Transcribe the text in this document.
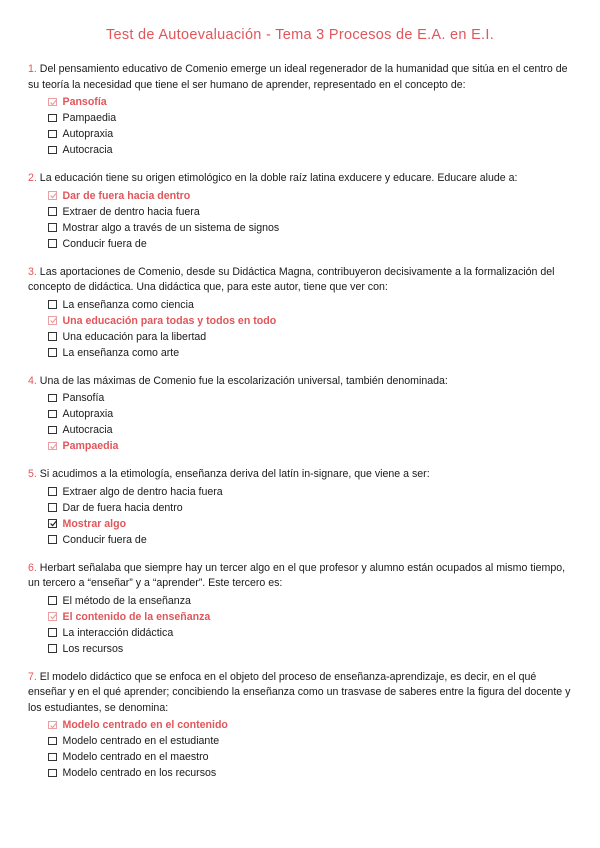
Test de Autoevaluación - Tema 3 Procesos de E.A. en E.I.

1. Del pensamiento educativo de Comenio emerge un ideal regenerador de la humanidad que sitúa en el centro de su teoría la necesidad que tiene el ser humano de aprender, representado en el concepto de:

Pansofía
Pampaedia
Autopraxia
Autocracia

2. La educación tiene su origen etimológico en la doble raíz latina exducere y educare. Educare alude a:

Dar de fuera hacia dentro
Extraer de dentro hacia fuera
Mostrar algo a través de un sistema de signos
Conducir fuera de

3. Las aportaciones de Comenio, desde su Didáctica Magna, contribuyeron decisivamente a la formalización del concepto de didáctica. Una didáctica que, para este autor, tiene que ver con:

La enseñanza como ciencia
Una educación para todas y todos en todo
Una educación para la libertad
La enseñanza como arte

4. Una de las máximas de Comenio fue la escolarización universal, también denominada:

Pansofía
Autopraxia
Autocracia
Pampaedia

5. Si acudimos a la etimología, enseñanza deriva del latín in-signare, que viene a ser:

Extraer algo de dentro hacia fuera
Dar de fuera hacia dentro
Mostrar algo
Conducir fuera de

6. Herbart señalaba que siempre hay un tercer algo en el que profesor y alumno están ocupados al mismo tiempo, un tercero a “enseñar” y a “aprender”. Este tercero es:

El método de la enseñanza
El contenido de la enseñanza
La interacción didáctica
Los recursos

7. El modelo didáctico que se enfoca en el objeto del proceso de enseñanza-aprendizaje, es decir, en el qué enseñar y en el qué aprender; concibiendo la enseñanza como un trasvase de saberes entre la figura del docente y los estudiantes, se denomina:

Modelo centrado en el contenido
Modelo centrado en el estudiante
Modelo centrado en el maestro
Modelo centrado en los recursos
